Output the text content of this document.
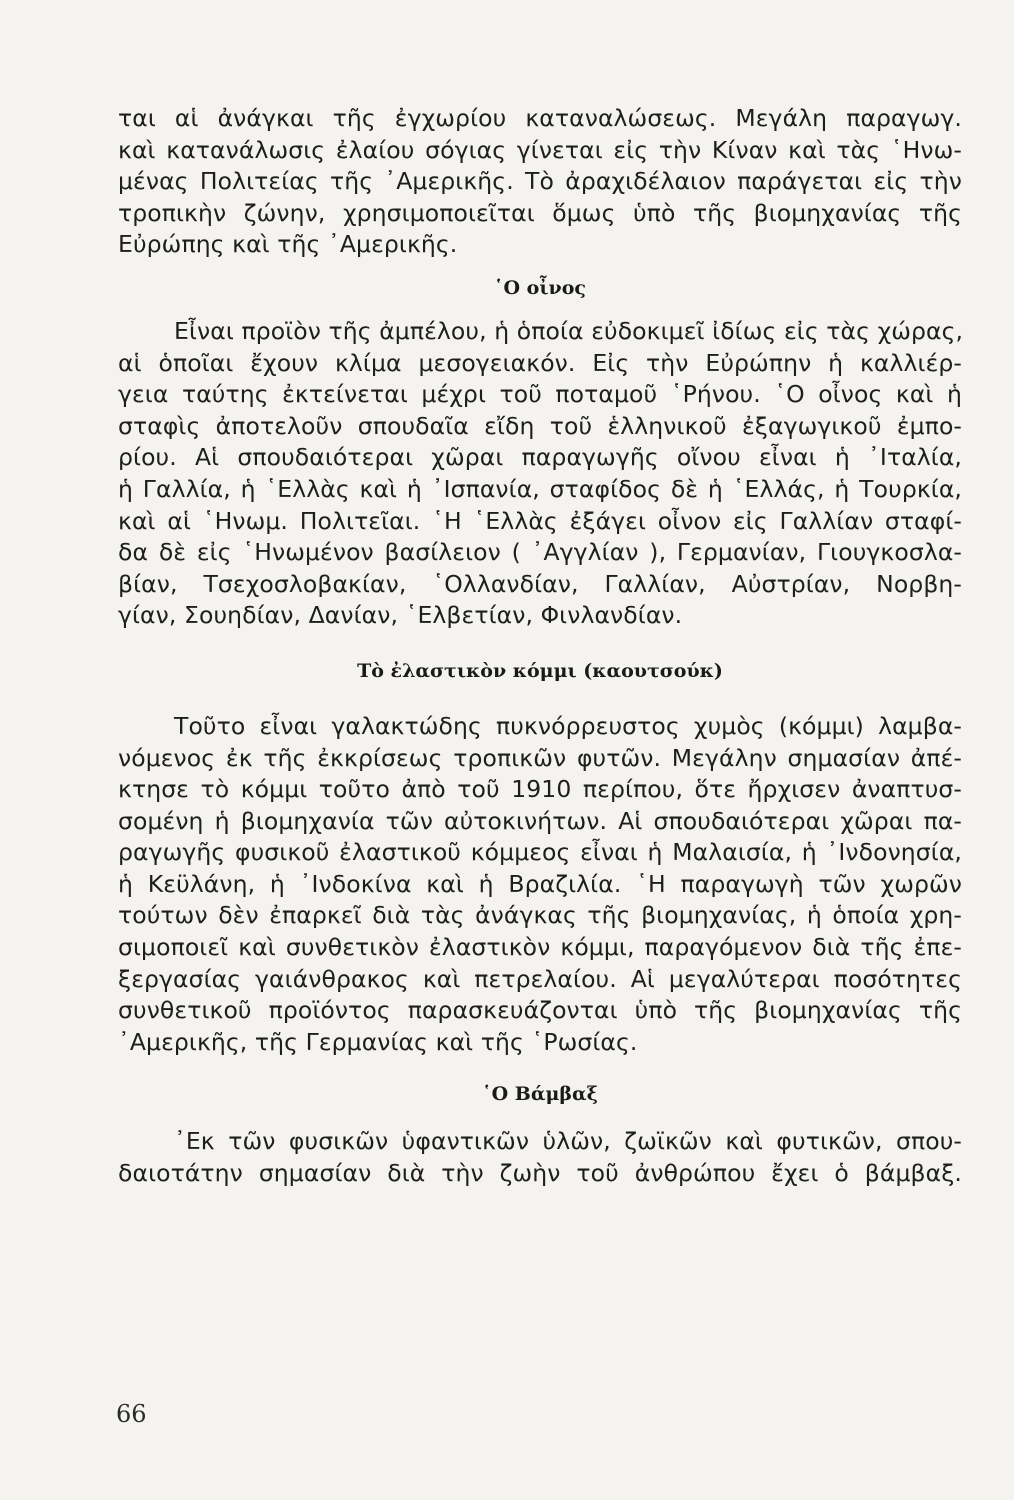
ται αἱ ἀνάγκαι τῆς ἐγχωρίου καταναλώσεως. Μεγάλη παραγωγ.
καὶ κατανάλωσις ἐλαίου σόγιας γίνεται εἰς τὴν Κίναν καὶ τὰς ῾Ηνω-
μένας Πολιτείας τῆς ᾿Αμερικῆς. Τὸ ἀραχιδέλαιον παράγεται εἰς τὴν
τροπικὴν ζώνην, χρησιμοποιεῖται ὅμως ὑπὸ τῆς βιομηχανίας τῆς
Εὐρώπης καὶ τῆς ᾿Αμερικῆς.
῾Ο οἶνος
Εἶναι προϊὸν τῆς ἀμπέλου, ἡ ὁποία εὐδοκιμεῖ ἰδίως εἰς τὰς χώρας,
αἱ ὁποῖαι ἔχουν κλίμα μεσογειακόν. Εἰς τὴν Εὐρώπην ἡ καλλιέρ-
γεια ταύτης ἐκτείνεται μέχρι τοῦ ποταμοῦ ῾Ρήνου. ῾Ο οἶνος καὶ ἡ
σταφὶς ἀποτελοῦν σπουδαῖα εἴδη τοῦ ἑλληνικοῦ ἐξαγωγικοῦ ἐμπο-
ρίου. Αἱ σπουδαιότεραι χῶραι παραγωγῆς οἴνου εἶναι ἡ ᾿Ιταλία,
ἡ Γαλλία, ἡ ῾Ελλὰς καὶ ἡ ᾿Ισπανία, σταφίδος δὲ ἡ ῾Ελλάς, ἡ Τουρκία,
καὶ αἱ ῾Ηνωμ. Πολιτεῖαι. ῾Η ῾Ελλὰς ἐξάγει οἶνον εἰς Γαλλίαν σταφί-
δα δὲ εἰς ῾Ηνωμένον βασίλειον ( ᾿Αγγλίαν ), Γερμανίαν, Γιουγκοσλα-
βίαν, Τσεχοσλοβακίαν, ῾Ολλανδίαν, Γαλλίαν, Αὐστρίαν, Νορβη-
γίαν, Σουηδίαν, Δανίαν, ῾Ελβετίαν, Φινλανδίαν.
Τὸ ἐλαστικὸν κόμμι (καουτσούκ)
Τοῦτο εἶναι γαλακτώδης πυκνόρρευστος χυμὸς (κόμμι) λαμβα-
νόμενος ἐκ τῆς ἐκκρίσεως τροπικῶν φυτῶν. Μεγάλην σημασίαν ἀπέ-
κτησε τὸ κόμμι τοῦτο ἀπὸ τοῦ 1910 περίπου, ὅτε ἤρχισεν ἀναπτυσ-
σομένη ἡ βιομηχανία τῶν αὐτοκινήτων. Αἱ σπουδαιότεραι χῶραι πα-
ραγωγῆς φυσικοῦ ἐλαστικοῦ κόμμεος εἶναι ἡ Μαλαισία, ἡ ᾿Ινδονησία,
ἡ Κεϋλάνη, ἡ ᾿Ινδοκίνα καὶ ἡ Βραζιλία. ῾Η παραγωγὴ τῶν χωρῶν
τούτων δὲν ἐπαρκεῖ διὰ τὰς ἀνάγκας τῆς βιομηχανίας, ἡ ὁποία χρη-
σιμοποιεῖ καὶ συνθετικὸν ἐλαστικὸν κόμμι, παραγόμενον διὰ τῆς ἐπε-
ξεργασίας γαιάνθρακος καὶ πετρελαίου. Αἱ μεγαλύτεραι ποσότητες
συνθετικοῦ προϊόντος παρασκευάζονται ὑπὸ τῆς βιομηχανίας τῆς
᾿Αμερικῆς, τῆς Γερμανίας καὶ τῆς ῾Ρωσίας.
῾Ο Βάμβαξ
᾿Εκ τῶν φυσικῶν ὑφαντικῶν ὑλῶν, ζωϊκῶν καὶ φυτικῶν, σπου-
δαιοτάτην σημασίαν διὰ τὴν ζωὴν τοῦ ἀνθρώπου ἔχει ὁ βάμβαξ.
66
